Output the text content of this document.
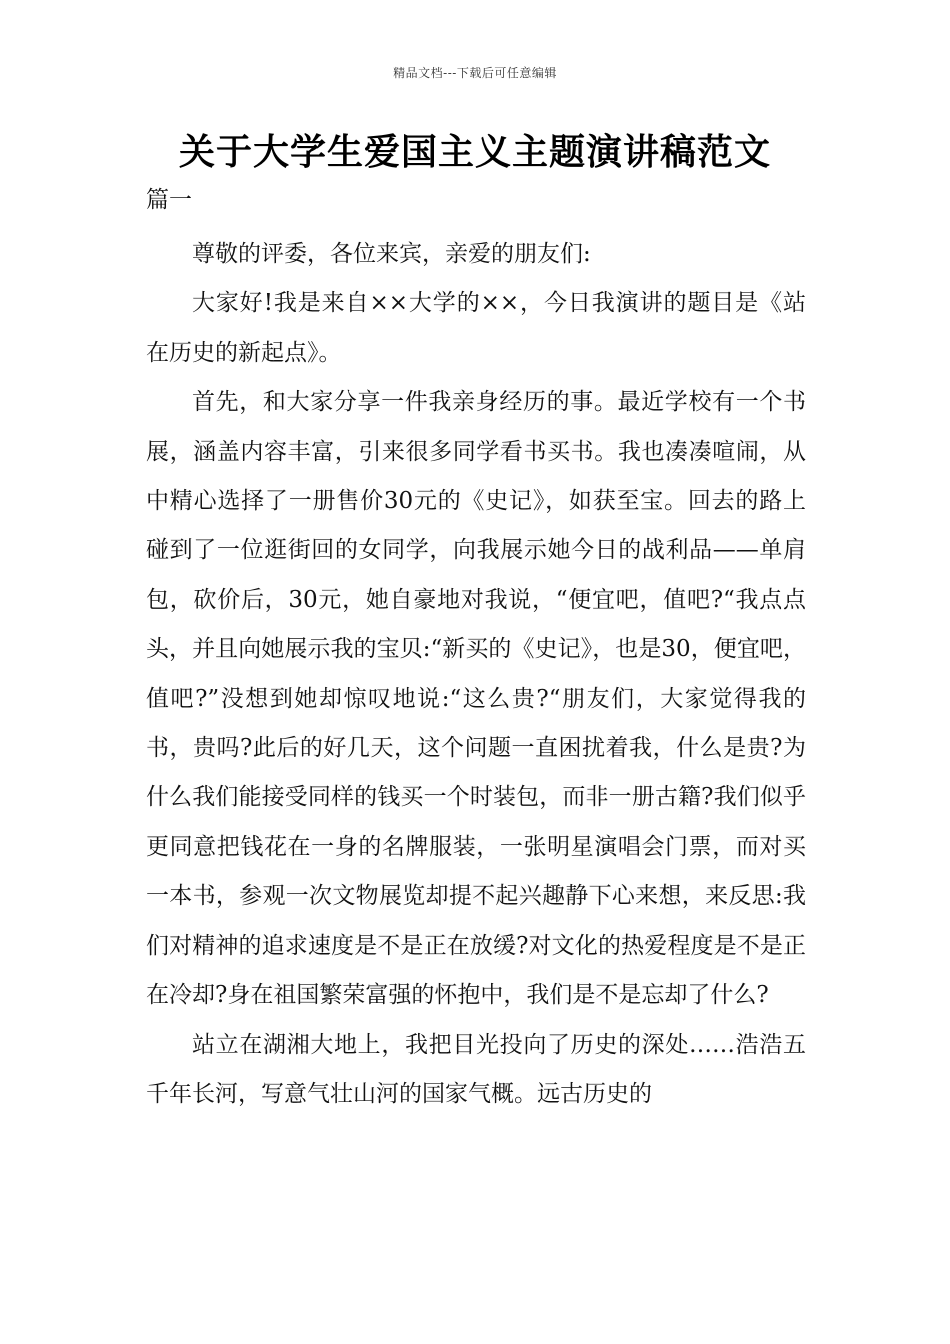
精品文档---下载后可任意编辑
关于大学生爱国主义主题演讲稿范文
篇一

尊敬的评委，各位来宾，亲爱的朋友们:

大家好!我是来自××大学的××，今日我演讲的题目是《站在历史的新起点》。

首先，和大家分享一件我亲身经历的事。最近学校有一个书展，涵盖内容丰富，引来很多同学看书买书。我也凑凑喧闹，从中精心选择了一册售价30元的《史记》，如获至宝。回去的路上碰到了一位逛街回的女同学，向我展示她今日的战利品——单肩包，砍价后，30元，她自豪地对我说，“便宜吧，值吧?“我点点头，并且向她展示我的宝贝:“新买的《史记》，也是30，便宜吧，值吧?”没想到她却惊叹地说:“这么贵?“朋友们，大家觉得我的书，贵吗?此后的好几天，这个问题一直困扰着我，什么是贵?为什么我们能接受同样的钱买一个时装包，而非一册古籍?我们似乎更同意把钱花在一身的名牌服装，一张明星演唱会门票，而对买一本书，参观一次文物展览却提不起兴趣静下心来想，来反思:我们对精神的追求速度是不是正在放缓?对文化的热爱程度是不是正在冷却?身在祖国繁荣富强的怀抱中，我们是不是忘却了什么?

站立在湖湘大地上，我把目光投向了历史的深处……浩浩五千年长河，写意气壮山河的国家气概。远古历史的
